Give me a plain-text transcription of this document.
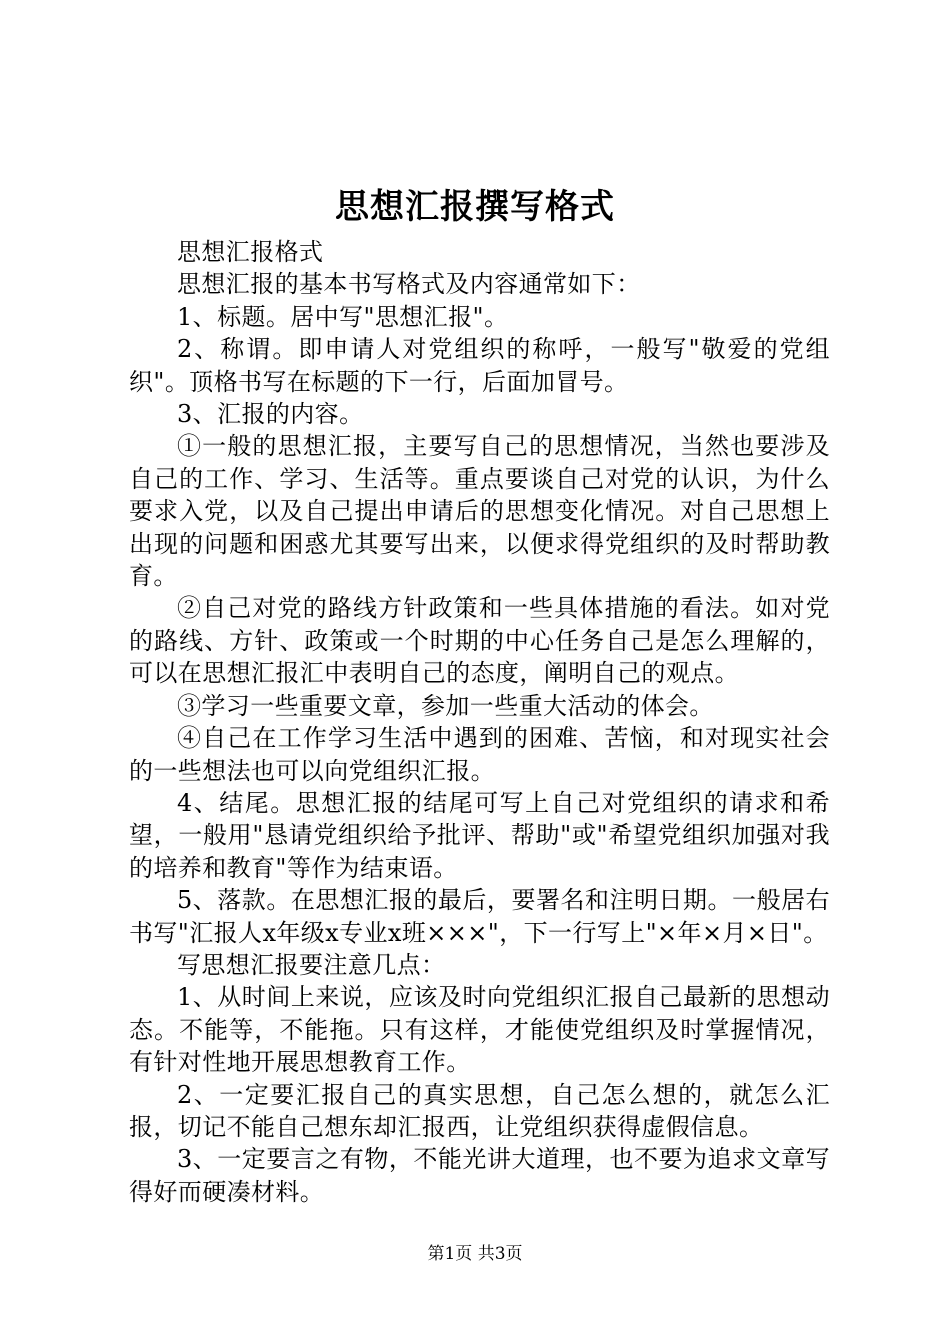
思想汇报撰写格式

思想汇报格式

思想汇报的基本书写格式及内容通常如下：

1、标题。居中写"思想汇报"。

2、称谓。即申请人对党组织的称呼，一般写"敬爱的党组织"。顶格书写在标题的下一行，后面加冒号。

3、汇报的内容。

①一般的思想汇报，主要写自己的思想情况，当然也要涉及自己的工作、学习、生活等。重点要谈自己对党的认识，为什么要求入党，以及自己提出申请后的思想变化情况。对自己思想上出现的问题和困惑尤其要写出来，以便求得党组织的及时帮助教育。

②自己对党的路线方针政策和一些具体措施的看法。如对党的路线、方针、政策或一个时期的中心任务自己是怎么理解的，可以在思想汇报汇中表明自己的态度，阐明自己的观点。

③学习一些重要文章，参加一些重大活动的体会。

④自己在工作学习生活中遇到的困难、苦恼，和对现实社会的一些想法也可以向党组织汇报。

4、结尾。思想汇报的结尾可写上自己对党组织的请求和希望，一般用"恳请党组织给予批评、帮助"或"希望党组织加强对我的培养和教育"等作为结束语。

5、落款。在思想汇报的最后，要署名和注明日期。一般居右书写"汇报人x年级x专业x班×××"，下一行写上"×年×月×日"。

写思想汇报要注意几点：

1、从时间上来说，应该及时向党组织汇报自己最新的思想动态。不能等，不能拖。只有这样，才能使党组织及时掌握情况，有针对性地开展思想教育工作。

2、一定要汇报自己的真实思想，自己怎么想的，就怎么汇报，切记不能自己想东却汇报西，让党组织获得虚假信息。

3、一定要言之有物，不能光讲大道理，也不要为追求文章写得好而硬凑材料。

第1页 共3页
